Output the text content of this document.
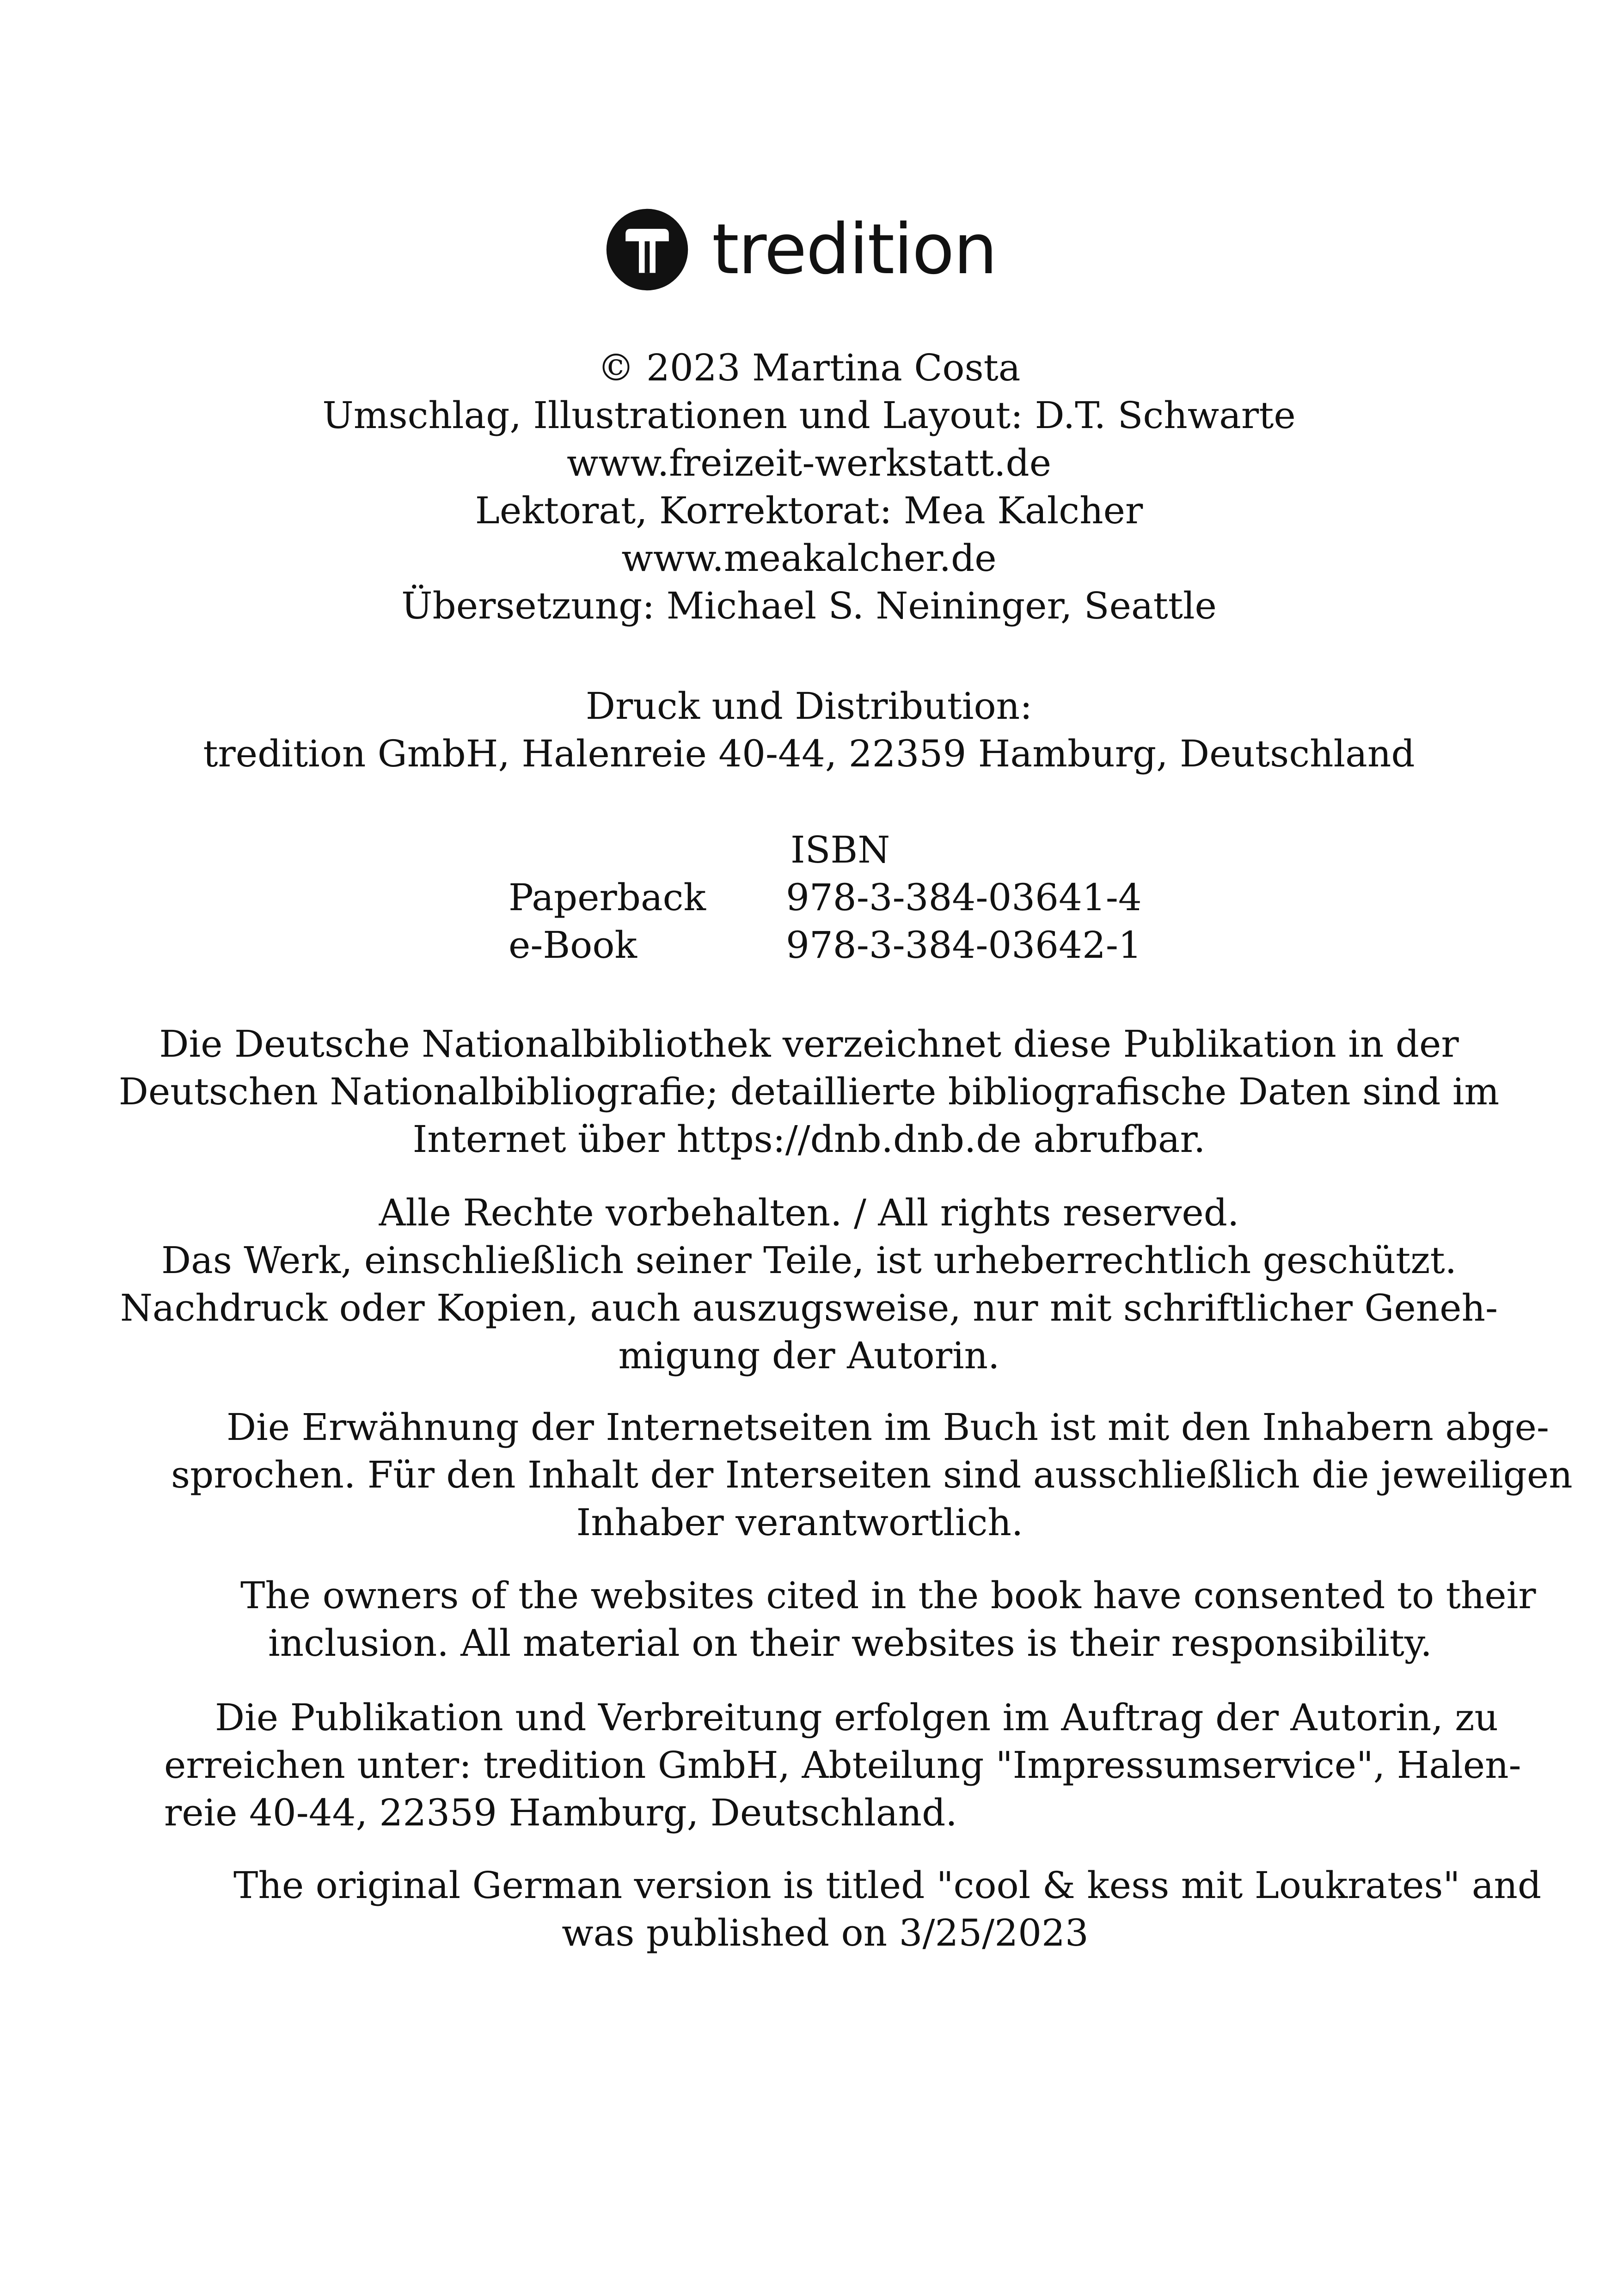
tredition
© 2023 Martina Costa
Umschlag, Illustrationen und Layout: D.T. Schwarte
www.freizeit-werkstatt.de
Lektorat, Korrektorat: Mea Kalcher
www.meakalcher.de
Übersetzung: Michael S. Neininger, Seattle
Druck und Distribution:
tredition GmbH, Halenreie 40-44, 22359 Hamburg, Deutschland
ISBN
Paperback 978-3-384-03641-4
e-Book	978-3-384-03642-1
Die Deutsche Nationalbibliothek verzeichnet diese Publikation in der
Deutschen Nationalbibliografie; detaillierte bibliografische Daten sind im
Internet über https://dnb.dnb.de abrufbar.
Alle Rechte vorbehalten. / All rights reserved.
Das Werk, einschließlich seiner Teile, ist urheberrechtlich geschützt.
Nachdruck oder Kopien, auch auszugsweise, nur mit schriftlicher Geneh-
migung der Autorin.
Die Erwähnung der Internetseiten im Buch ist mit den Inhabern abge-
sprochen. Für den Inhalt der Interseiten sind ausschließlich die jeweiligen
Inhaber verantwortlich.
The owners of the websites cited in the book have consented to their
inclusion. All material on their websites is their responsibility.
Die Publikation und Verbreitung erfolgen im Auftrag der Autorin, zu
erreichen unter: tredition GmbH, Abteilung "Impressumservice", Halen-
reie 40-44, 22359 Hamburg, Deutschland.
The original German version is titled "cool & kess mit Loukrates" and
was published on 3/25/2023
